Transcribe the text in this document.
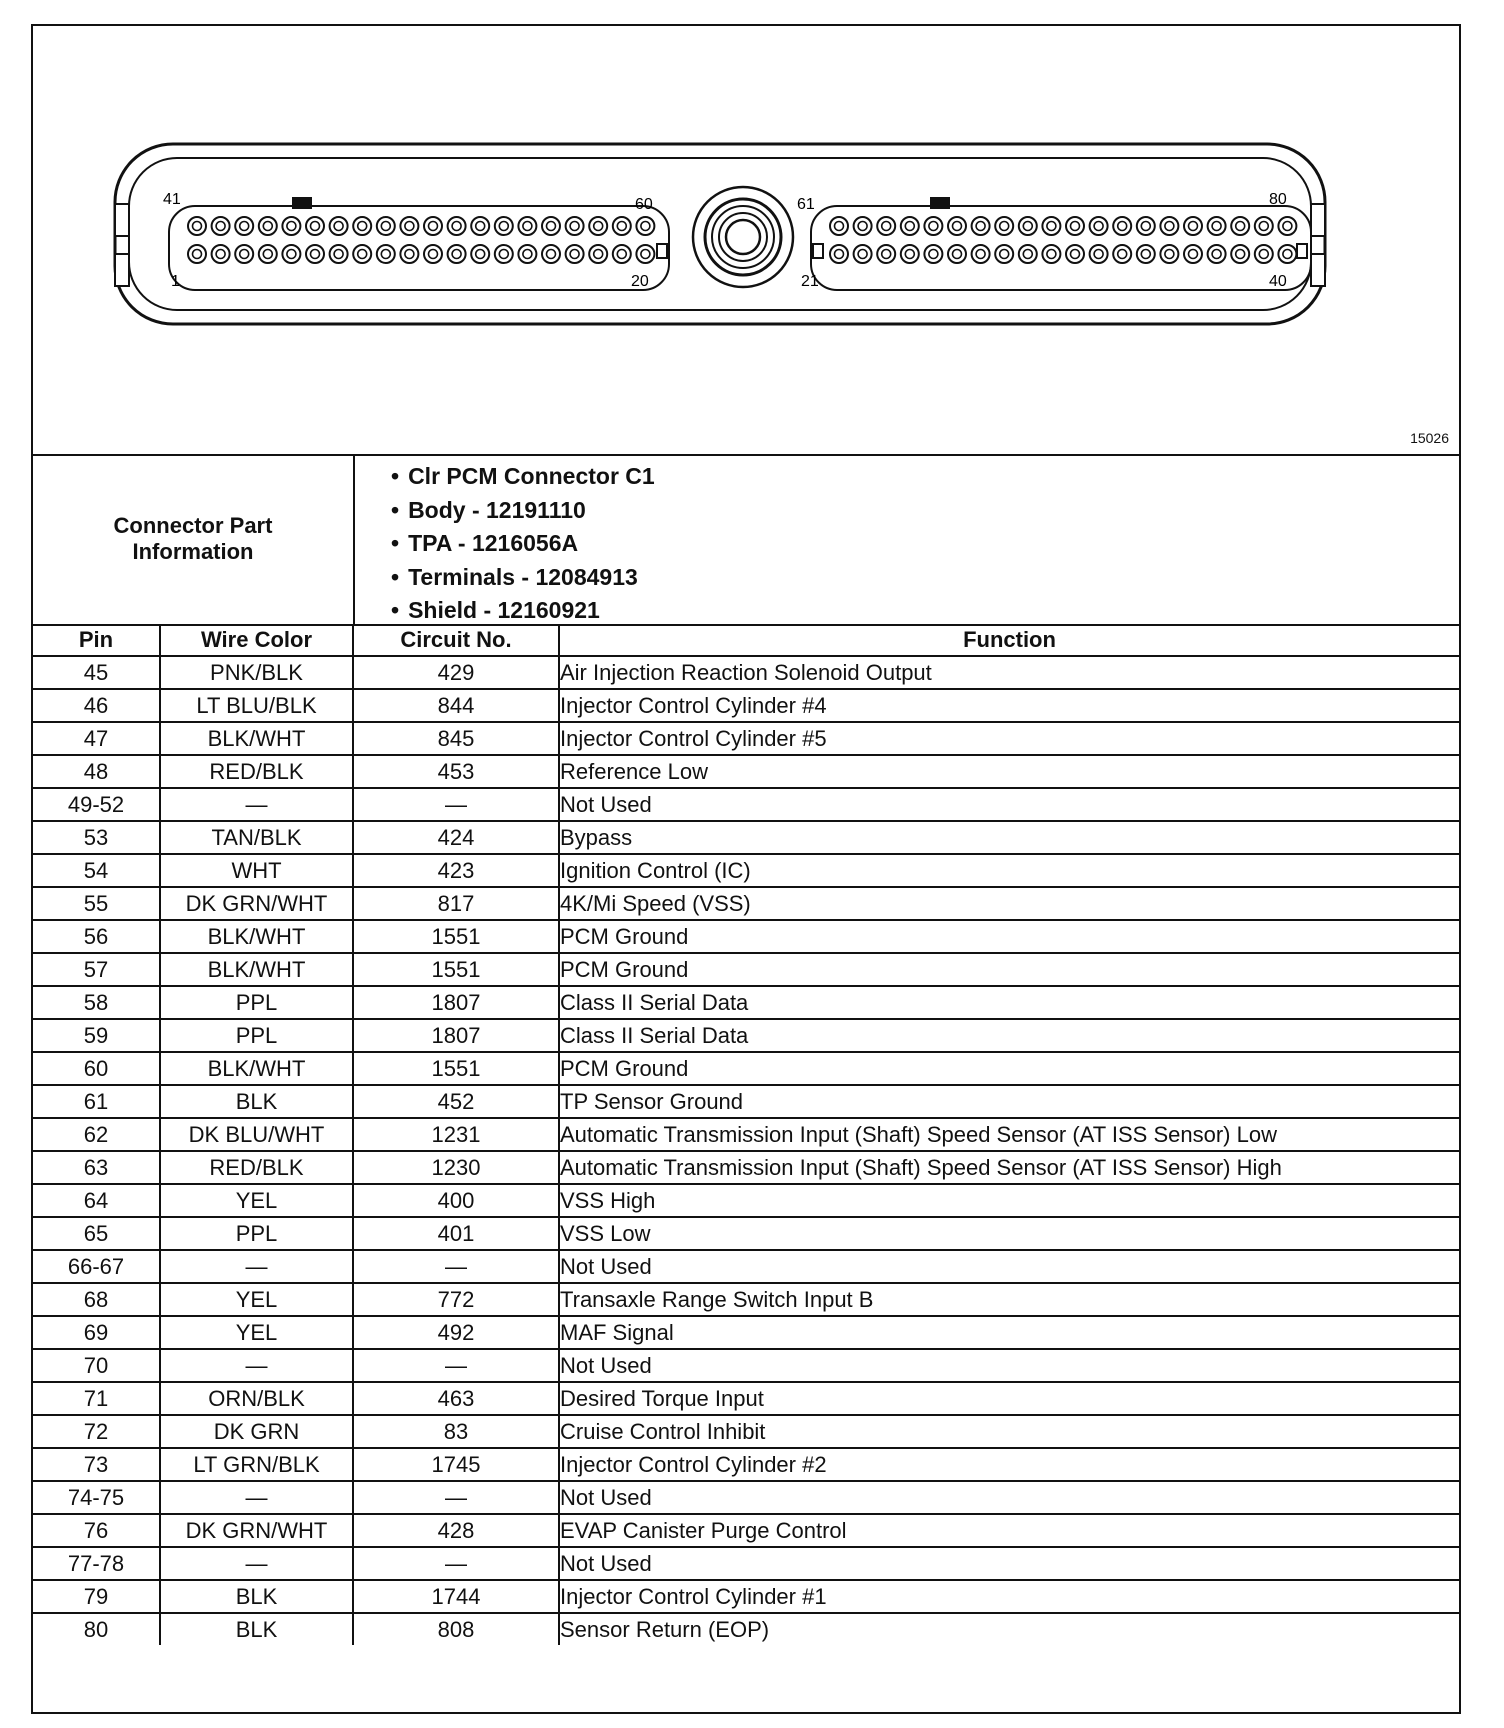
41	60
1	20
61	80
21	40
15026
Connector Part Information
• Clr PCM Connector C1
• Body - 12191110
• TPA - 1216056A
• Terminals - 12084913
• Shield - 12160921
Pin	Wire Color	Circuit No.	Function
45	PNK/BLK	429	Air Injection Reaction Solenoid Output
46	LT BLU/BLK	844	Injector Control Cylinder #4
47	BLK/WHT	845	Injector Control Cylinder #5
48	RED/BLK	453	Reference Low
49-52	—	—	Not Used
53	TAN/BLK	424	Bypass
54	WHT	423	Ignition Control (IC)
55	DK GRN/WHT	817	4K/Mi Speed (VSS)
56	BLK/WHT	1551	PCM Ground
57	BLK/WHT	1551	PCM Ground
58	PPL	1807	Class II Serial Data
59	PPL	1807	Class II Serial Data
60	BLK/WHT	1551	PCM Ground
61	BLK	452	TP Sensor Ground
62	DK BLU/WHT	1231	Automatic Transmission Input (Shaft) Speed Sensor (AT ISS Sensor) Low
63	RED/BLK	1230	Automatic Transmission Input (Shaft) Speed Sensor (AT ISS Sensor) High
64	YEL	400	VSS High
65	PPL	401	VSS Low
66-67	—	—	Not Used
68	YEL	772	Transaxle Range Switch Input B
69	YEL	492	MAF Signal
70	—	—	Not Used
71	ORN/BLK	463	Desired Torque Input
72	DK GRN	83	Cruise Control Inhibit
73	LT GRN/BLK	1745	Injector Control Cylinder #2
74-75	—	—	Not Used
76	DK GRN/WHT	428	EVAP Canister Purge Control
77-78	—	—	Not Used
79	BLK	1744	Injector Control Cylinder #1
80	BLK	808	Sensor Return (EOP)
